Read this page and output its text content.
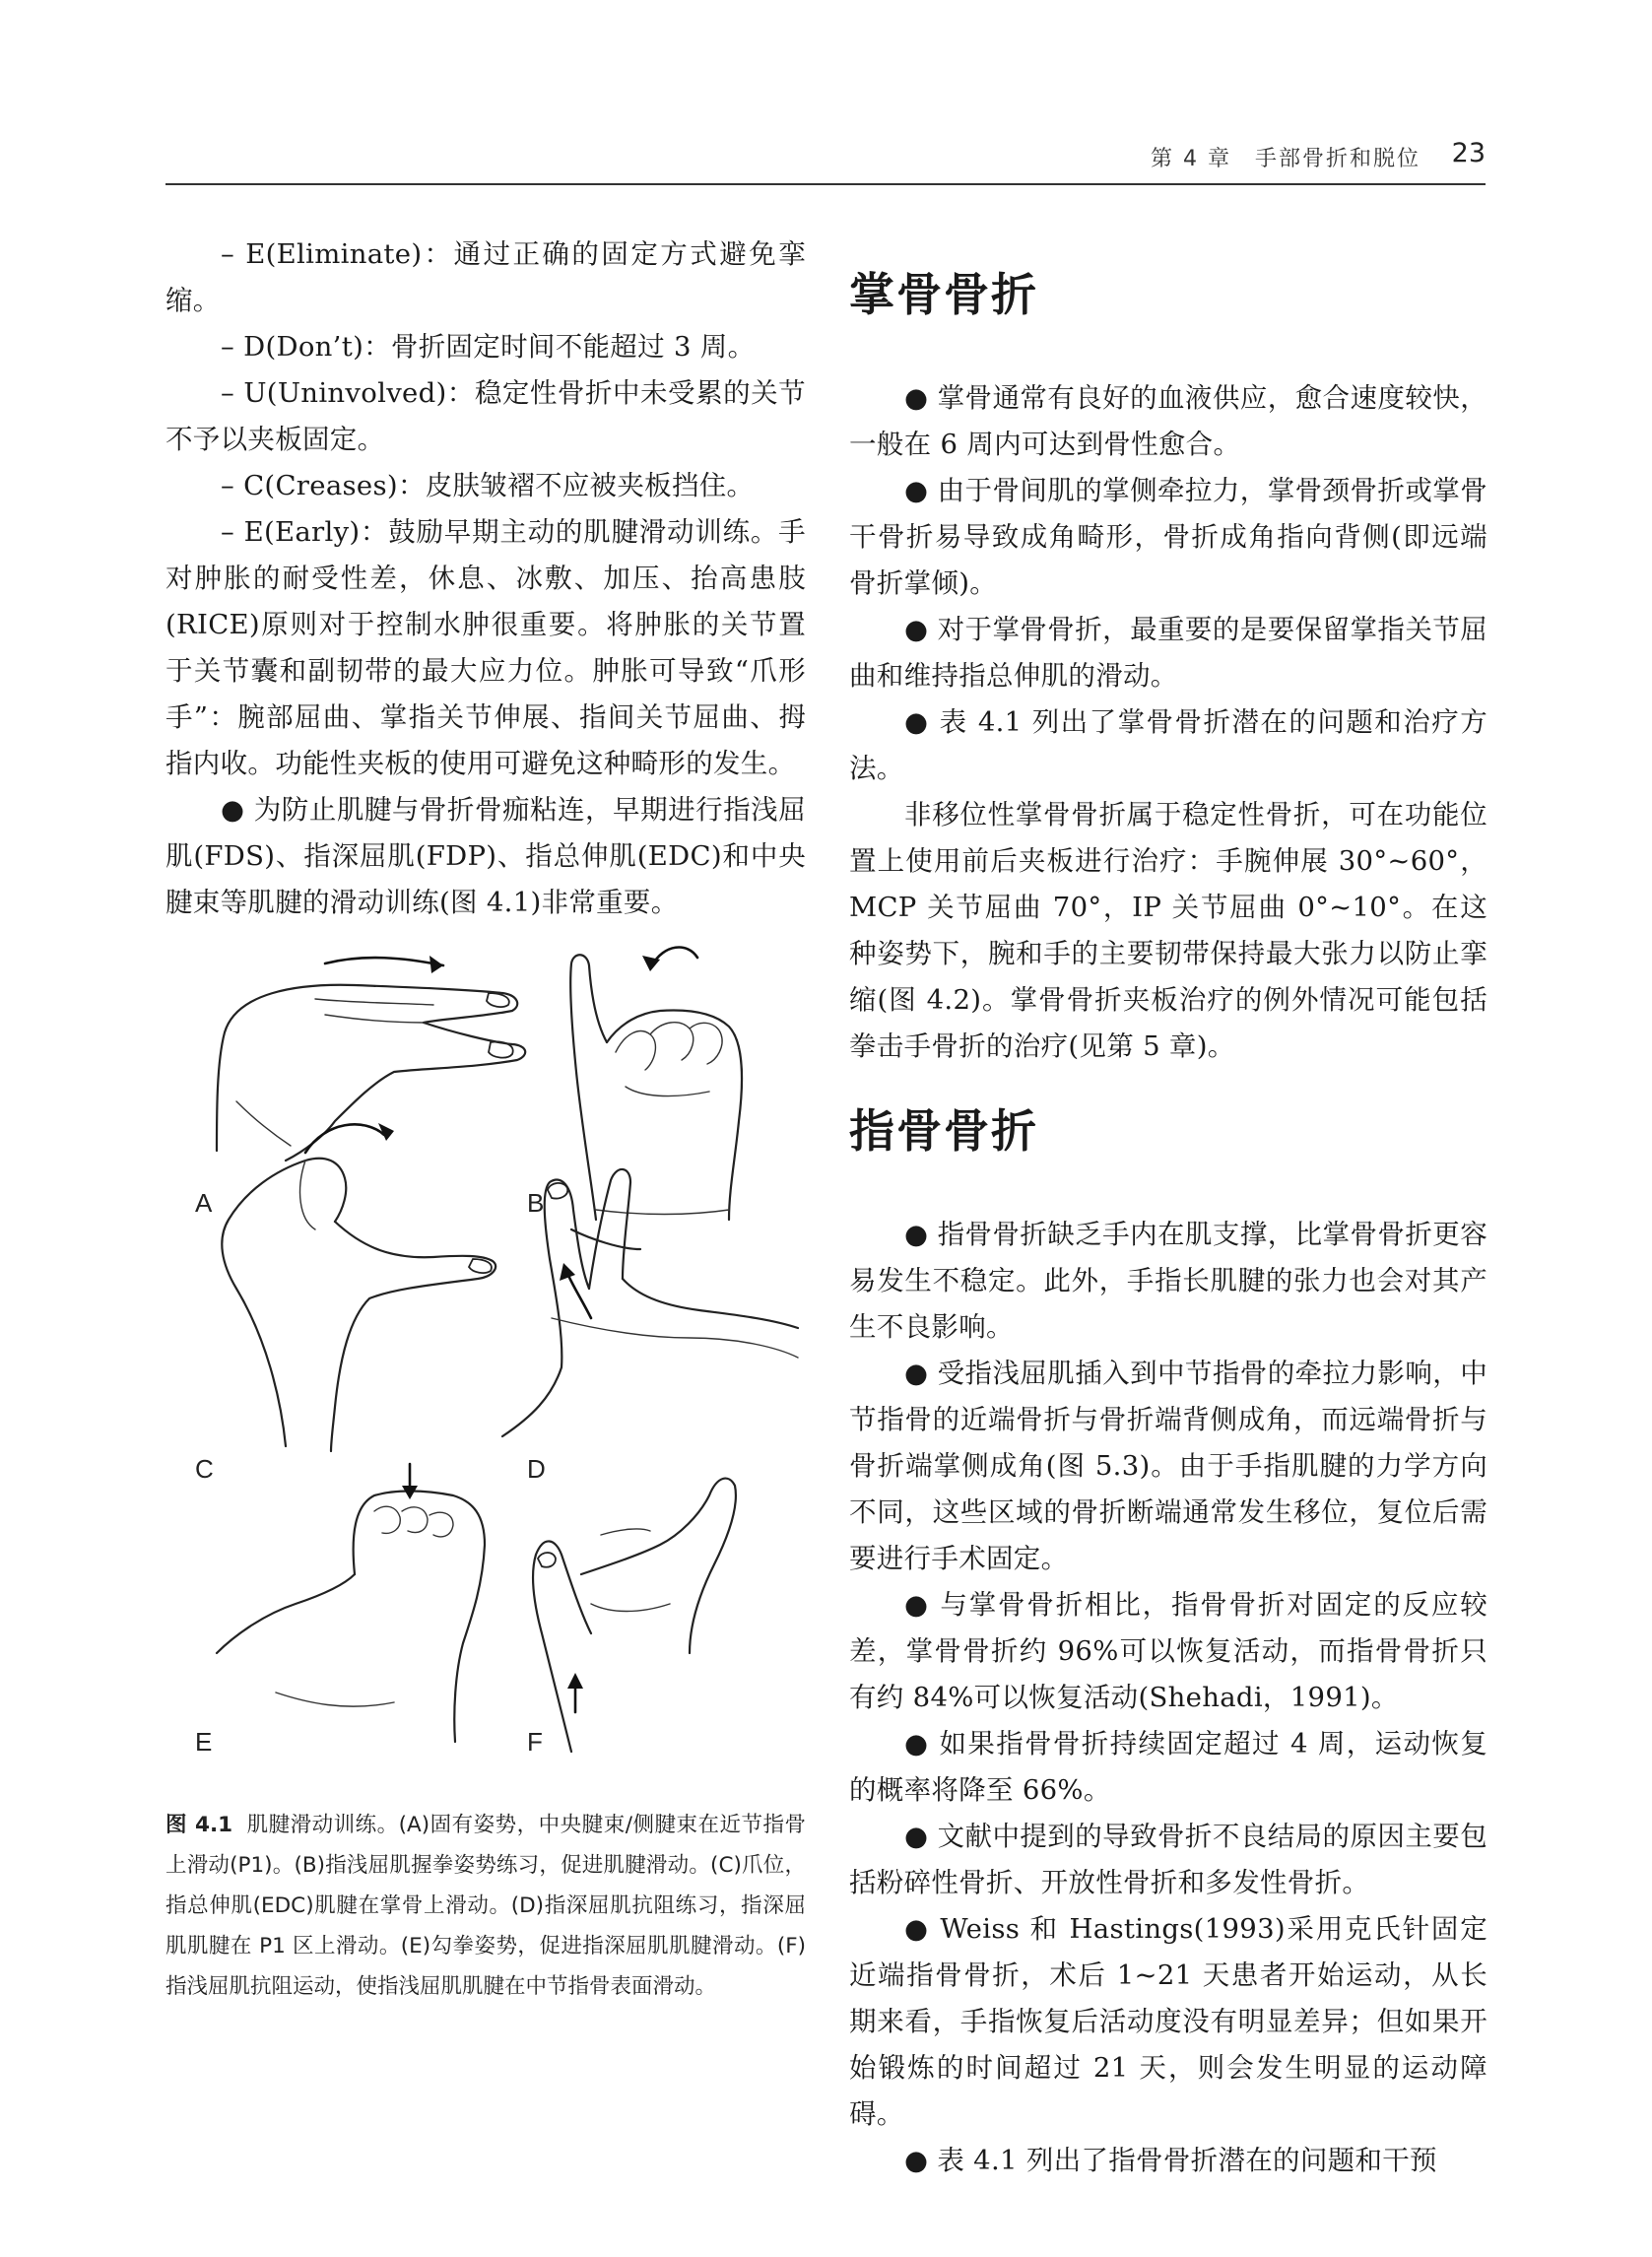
第 4 章　手部骨折和脱位 23

– E(Eliminate)：通过正确的固定方式避免挛缩。

– D(Don’t)：骨折固定时间不能超过 3 周。

– U(Uninvolved)：稳定性骨折中未受累的关节不予以夹板固定。

– C(Creases)：皮肤皱褶不应被夹板挡住。

– E(Early)：鼓励早期主动的肌腱滑动训练。手对肿胀的耐受性差，休息、冰敷、加压、抬高患肢(RICE)原则对于控制水肿很重要。将肿胀的关节置于关节囊和副韧带的最大应力位。肿胀可导致“爪形手”：腕部屈曲、掌指关节伸展、指间关节屈曲、拇指内收。功能性夹板的使用可避免这种畸形的发生。

● 为防止肌腱与骨折骨痂粘连，早期进行指浅屈肌(FDS)、指深屈肌(FDP)、指总伸肌(EDC)和中央腱束等肌腱的滑动训练(图 4.1)非常重要。

A	B
C	D
E	F
图 4.1 肌腱滑动训练。(A)固有姿势，中央腱束/侧腱束在近节指骨上滑动(P1)。(B)指浅屈肌握拳姿势练习，促进肌腱滑动。(C)爪位，指总伸肌(EDC)肌腱在掌骨上滑动。(D)指深屈肌抗阻练习，指深屈肌肌腱在 P1 区上滑动。(E)勾拳姿势，促进指深屈肌肌腱滑动。(F)指浅屈肌抗阻运动，使指浅屈肌肌腱在中节指骨表面滑动。
掌骨骨折

● 掌骨通常有良好的血液供应，愈合速度较快，一般在 6 周内可达到骨性愈合。

● 由于骨间肌的掌侧牵拉力，掌骨颈骨折或掌骨干骨折易导致成角畸形，骨折成角指向背侧(即远端骨折掌倾)。

● 对于掌骨骨折，最重要的是要保留掌指关节屈曲和维持指总伸肌的滑动。

● 表 4.1 列出了掌骨骨折潜在的问题和治疗方法。

非移位性掌骨骨折属于稳定性骨折，可在功能位置上使用前后夹板进行治疗：手腕伸展 30°~60°，MCP 关节屈曲 70°，IP 关节屈曲 0°~10°。在这种姿势下，腕和手的主要韧带保持最大张力以防止挛缩(图 4.2)。掌骨骨折夹板治疗的例外情况可能包括拳击手骨折的治疗(见第 5 章)。

指骨骨折

● 指骨骨折缺乏手内在肌支撑，比掌骨骨折更容易发生不稳定。此外，手指长肌腱的张力也会对其产生不良影响。

● 受指浅屈肌插入到中节指骨的牵拉力影响，中节指骨的近端骨折与骨折端背侧成角，而远端骨折与骨折端掌侧成角(图 5.3)。由于手指肌腱的力学方向不同，这些区域的骨折断端通常发生移位，复位后需要进行手术固定。

● 与掌骨骨折相比，指骨骨折对固定的反应较差，掌骨骨折约 96%可以恢复活动，而指骨骨折只有约 84%可以恢复活动(Shehadi，1991)。

● 如果指骨骨折持续固定超过 4 周，运动恢复的概率将降至 66%。

● 文献中提到的导致骨折不良结局的原因主要包括粉碎性骨折、开放性骨折和多发性骨折。

● Weiss 和 Hastings(1993)采用克氏针固定近端指骨骨折，术后 1~21 天患者开始运动，从长期来看，手指恢复后活动度没有明显差异；但如果开始锻炼的时间超过 21 天，则会发生明显的运动障碍。

● 表 4.1 列出了指骨骨折潜在的问题和干预
